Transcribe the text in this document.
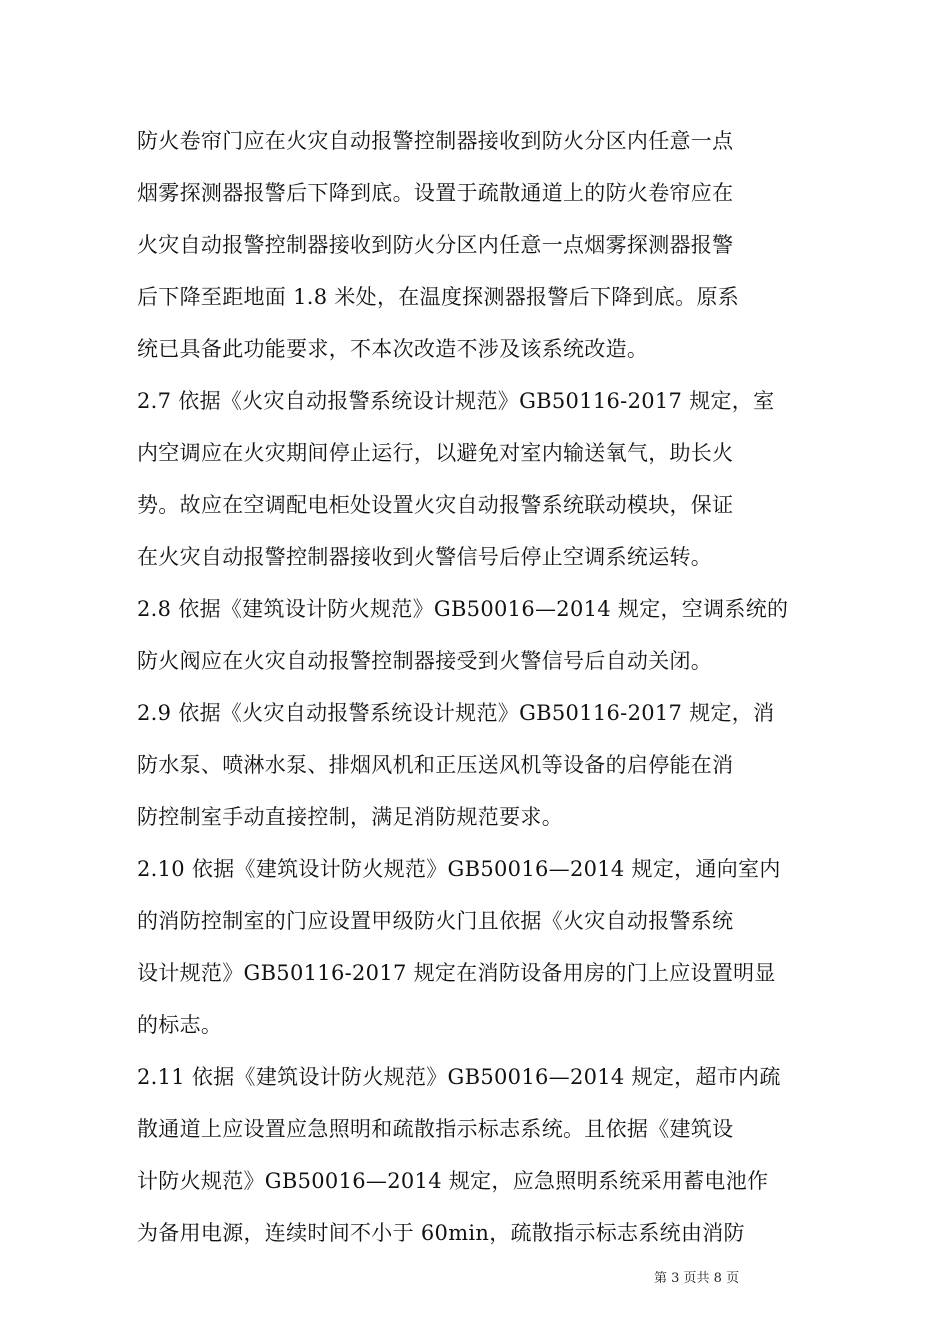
防火卷帘门应在火灾自动报警控制器接收到防火分区内任意一点
烟雾探测器报警后下降到底。设置于疏散通道上的防火卷帘应在
火灾自动报警控制器接收到防火分区内任意一点烟雾探测器报警
后下降至距地面 1.8 米处，在温度探测器报警后下降到底。原系
统已具备此功能要求，不本次改造不涉及该系统改造。
2.7 依据《火灾自动报警系统设计规范》GB50116-2017 规定，室
内空调应在火灾期间停止运行，以避免对室内输送氧气，助长火
势。故应在空调配电柜处设置火灾自动报警系统联动模块，保证
在火灾自动报警控制器接收到火警信号后停止空调系统运转。
2.8 依据《建筑设计防火规范》GB50016—2014 规定，空调系统的
防火阀应在火灾自动报警控制器接受到火警信号后自动关闭。
2.9 依据《火灾自动报警系统设计规范》GB50116-2017 规定，消
防水泵、喷淋水泵、排烟风机和正压送风机等设备的启停能在消
防控制室手动直接控制，满足消防规范要求。
2.10 依据《建筑设计防火规范》GB50016—2014 规定，通向室内
的消防控制室的门应设置甲级防火门且依据《火灾自动报警系统
设计规范》GB50116-2017 规定在消防设备用房的门上应设置明显
的标志。
2.11 依据《建筑设计防火规范》GB50016—2014 规定，超市内疏
散通道上应设置应急照明和疏散指示标志系统。且依据《建筑设
计防火规范》GB50016—2014 规定，应急照明系统采用蓄电池作
为备用电源，连续时间不小于 60min，疏散指示标志系统由消防
第 3 页共 8 页
